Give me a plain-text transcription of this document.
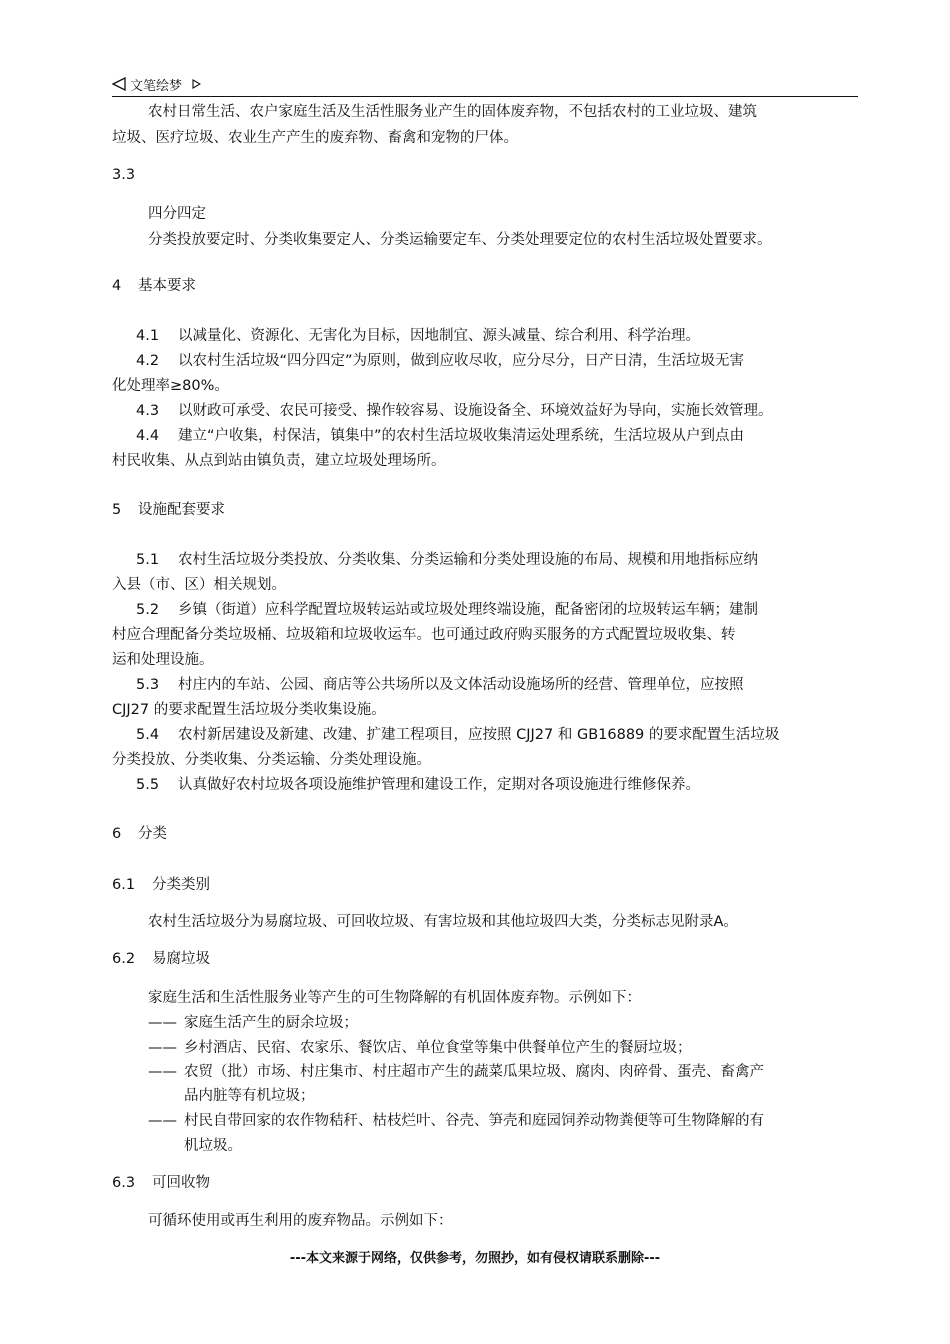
文笔绘梦
农村日常生活、农户家庭生活及生活性服务业产生的固体废弃物，不包括农村的工业垃圾、建筑
垃圾、医疗垃圾、农业生产产生的废弃物、畜禽和宠物的尸体。
3.3
四分四定
分类投放要定时、分类收集要定人、分类运输要定车、分类处理要定位的农村生活垃圾处置要求。
4 基本要求
4.1 以减量化、资源化、无害化为目标，因地制宜、源头减量、综合利用、科学治理。
4.2 以农村生活垃圾“四分四定”为原则，做到应收尽收，应分尽分，日产日清，生活垃圾无害
化处理率≥80%。
4.3 以财政可承受、农民可接受、操作较容易、设施设备全、环境效益好为导向，实施长效管理。
4.4 建立“户收集，村保洁，镇集中”的农村生活垃圾收集清运处理系统，生活垃圾从户到点由
村民收集、从点到站由镇负责，建立垃圾处理场所。
5 设施配套要求
5.1 农村生活垃圾分类投放、分类收集、分类运输和分类处理设施的布局、规模和用地指标应纳
入县（市、区）相关规划。
5.2 乡镇（街道）应科学配置垃圾转运站或垃圾处理终端设施，配备密闭的垃圾转运车辆；建制
村应合理配备分类垃圾桶、垃圾箱和垃圾收运车。也可通过政府购买服务的方式配置垃圾收集、转
运和处理设施。
5.3 村庄内的车站、公园、商店等公共场所以及文体活动设施场所的经营、管理单位，应按照
CJJ27 的要求配置生活垃圾分类收集设施。
5.4 农村新居建设及新建、改建、扩建工程项目，应按照 CJJ27 和 GB16889 的要求配置生活垃圾
分类投放、分类收集、分类运输、分类处理设施。
5.5 认真做好农村垃圾各项设施维护管理和建设工作，定期对各项设施进行维修保养。
6 分类
6.1 分类类别
农村生活垃圾分为易腐垃圾、可回收垃圾、有害垃圾和其他垃圾四大类，分类标志见附录A。
6.2 易腐垃圾
家庭生活和生活性服务业等产生的可生物降解的有机固体废弃物。示例如下：
—— 家庭生活产生的厨余垃圾；
—— 乡村酒店、民宿、农家乐、餐饮店、单位食堂等集中供餐单位产生的餐厨垃圾；
—— 农贸（批）市场、村庄集市、村庄超市产生的蔬菜瓜果垃圾、腐肉、肉碎骨、蛋壳、畜禽产
品内脏等有机垃圾；
—— 村民自带回家的农作物秸秆、枯枝烂叶、谷壳、笋壳和庭园饲养动物粪便等可生物降解的有
机垃圾。
6.3 可回收物
可循环使用或再生利用的废弃物品。示例如下：
---本文来源于网络，仅供参考，勿照抄，如有侵权请联系删除---
